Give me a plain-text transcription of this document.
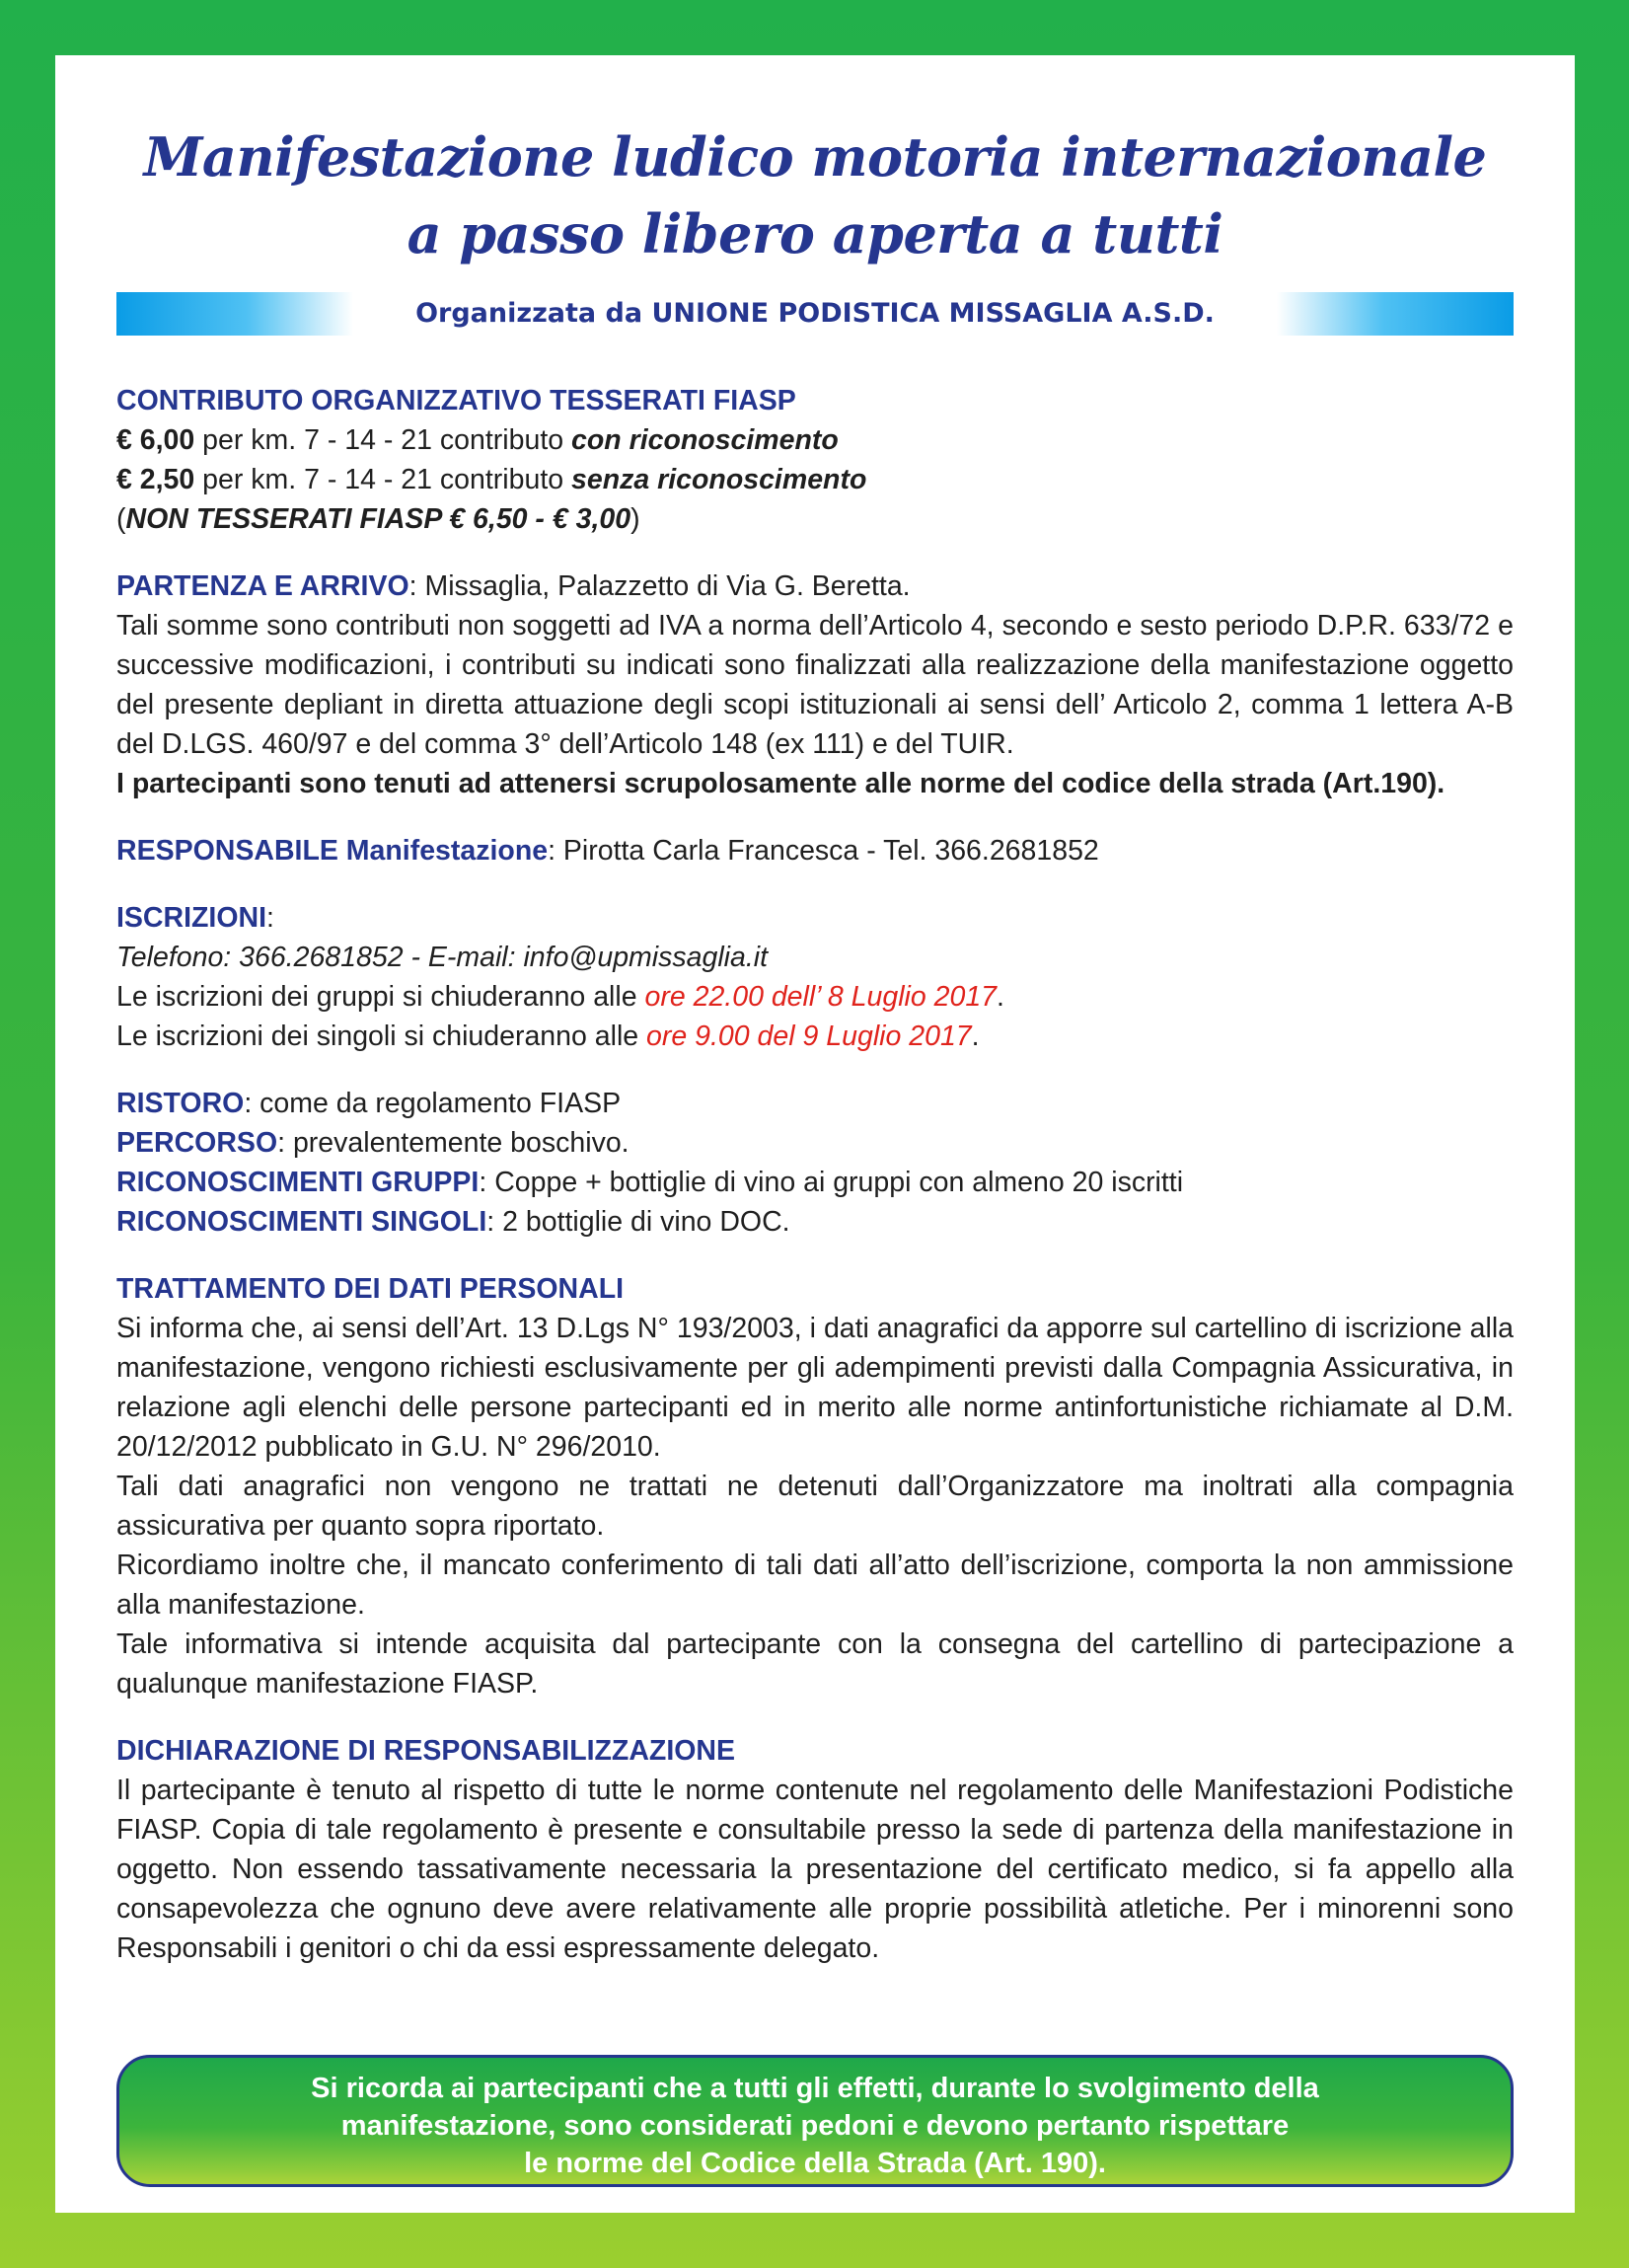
Manifestazione ludico motoria internazionale
a passo libero aperta a tutti
Organizzata da UNIONE PODISTICA MISSAGLIA A.S.D.

CONTRIBUTO ORGANIZZATIVO TESSERATI FIASP

€ 6,00 per km. 7 - 14 - 21 contributo con riconoscimento

€ 2,50 per km. 7 - 14 - 21 contributo senza riconoscimento

(NON TESSERATI FIASP € 6,50 - € 3,00)

PARTENZA E ARRIVO: Missaglia, Palazzetto di Via G. Beretta.

Tali somme sono contributi non soggetti ad IVA a norma dell’Articolo 4, secondo e sesto periodo D.P.R. 633/72 e successive modificazioni, i contributi su indicati sono finalizzati alla realizzazione della manifestazione oggetto del presente depliant in diretta attuazione degli scopi istituzionali ai sensi dell’ Articolo 2, comma 1 lettera A-B del D.LGS. 460/97 e del comma 3° dell’Articolo 148 (ex 111) e del TUIR.

I partecipanti sono tenuti ad attenersi scrupolosamente alle norme del codice della strada (Art.190).

RESPONSABILE Manifestazione: Pirotta Carla Francesca - Tel. 366.2681852

ISCRIZIONI:

Telefono: 366.2681852 - E-mail: info@upmissaglia.it

Le iscrizioni dei gruppi si chiuderanno alle ore 22.00 dell’ 8 Luglio 2017.

Le iscrizioni dei singoli si chiuderanno alle ore 9.00 del 9 Luglio 2017.

RISTORO: come da regolamento FIASP

PERCORSO: prevalentemente boschivo.

RICONOSCIMENTI GRUPPI: Coppe + bottiglie di vino ai gruppi con almeno 20 iscritti

RICONOSCIMENTI SINGOLI: 2 bottiglie di vino DOC.

TRATTAMENTO DEI DATI PERSONALI

Si informa che, ai sensi dell’Art. 13 D.Lgs N° 193/2003, i dati anagrafici da apporre sul cartellino di iscrizione alla manifestazione, vengono richiesti esclusivamente per gli adempimenti previsti dalla Compagnia Assicurativa, in relazione agli elenchi delle persone partecipanti ed in merito alle norme antinfortunistiche richiamate al D.M. 20/12/2012 pubblicato in G.U. N° 296/2010.

Tali dati anagrafici non vengono ne trattati ne detenuti dall’Organizzatore ma inoltrati alla compagnia assicurativa per quanto sopra riportato.

Ricordiamo inoltre che, il mancato conferimento di tali dati all’atto dell’iscrizione, comporta la non ammissione alla manifestazione.

Tale informativa si intende acquisita dal partecipante con la consegna del cartellino di partecipazione a qualunque manifestazione FIASP.

DICHIARAZIONE DI RESPONSABILIZZAZIONE

Il partecipante è tenuto al rispetto di tutte le norme contenute nel regolamento delle Manifestazioni Podistiche FIASP. Copia di tale regolamento è presente e consultabile presso la sede di partenza della manifestazione in oggetto. Non essendo tassativamente necessaria la presentazione del certificato medico, si fa appello alla consapevolezza che ognuno deve avere relativamente alle proprie possibilità atletiche. Per i minorenni sono Responsabili i genitori o chi da essi espressamente delegato.

Si ricorda ai partecipanti che a tutti gli effetti, durante lo svolgimento della
manifestazione, sono considerati pedoni e devono pertanto rispettare
le norme del Codice della Strada (Art. 190).
